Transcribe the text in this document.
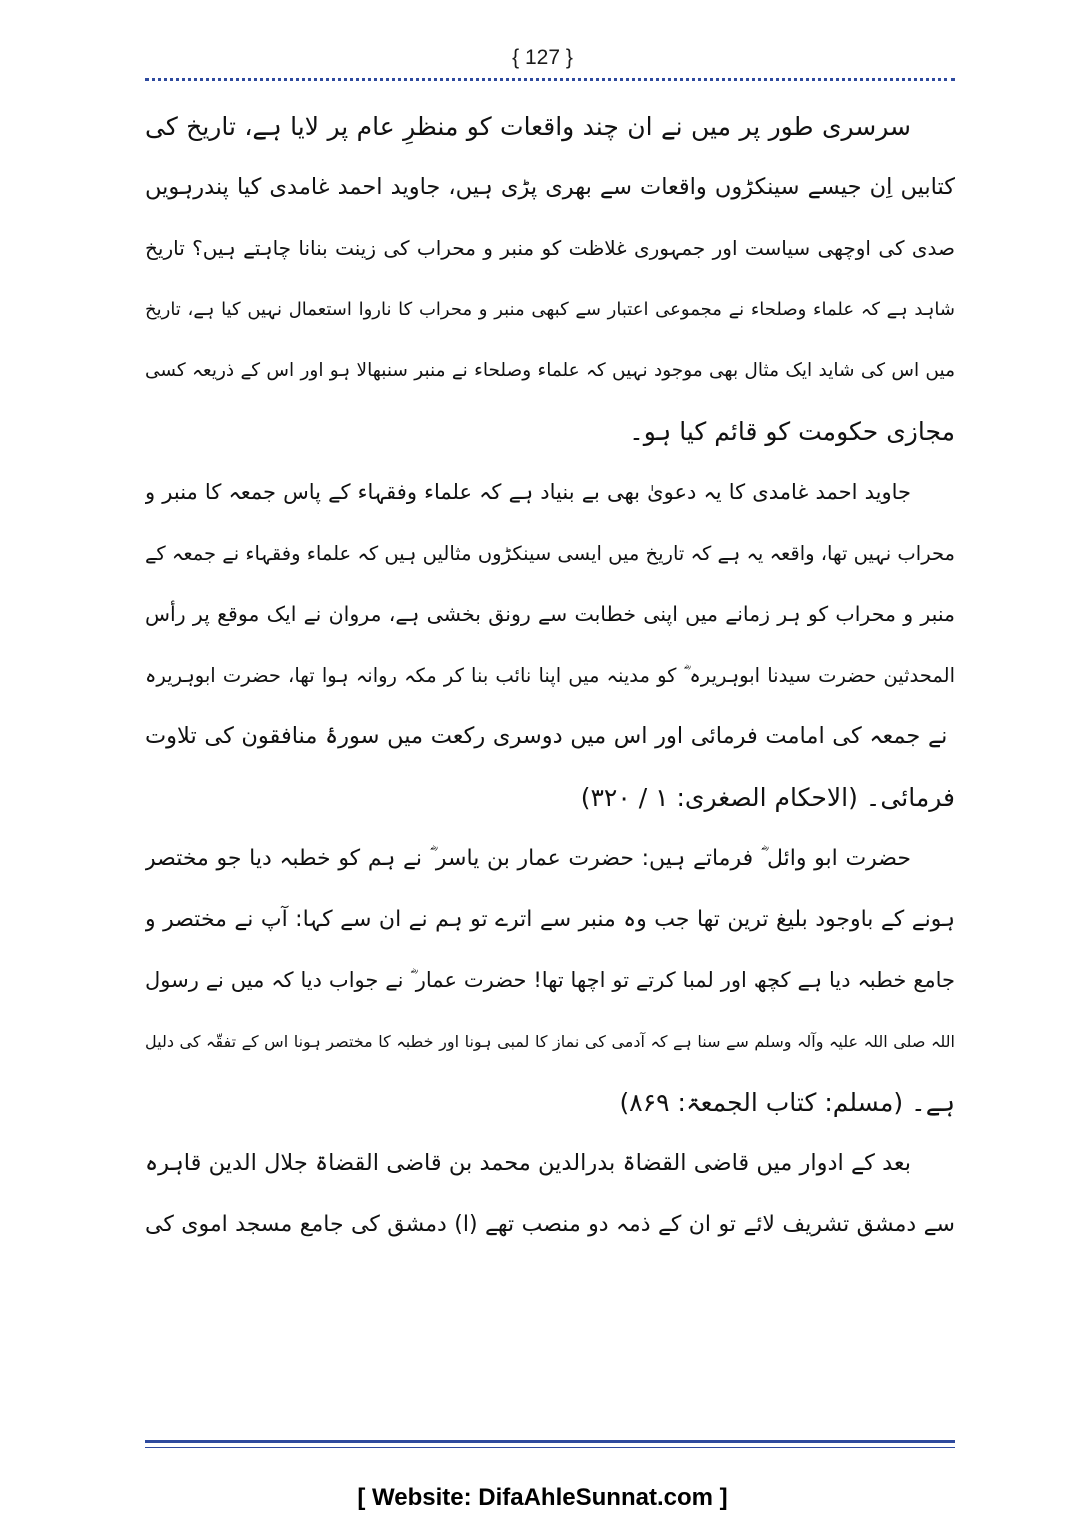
{ 127 }
سرسری طور پر میں نے ان چند واقعات کو منظرِ عام پر لایا ہے، تاریخ کی
کتابیں اِن جیسے سینکڑوں واقعات سے بھری پڑی ہیں، جاوید احمد غامدی کیا پندرہویں
صدی کی اوچھی سیاست اور جمہوری غلاظت کو منبر و محراب کی زینت بنانا چاہتے ہیں؟ تاریخ
شاہد ہے کہ علماء وصلحاء نے مجموعی اعتبار سے کبھی منبر و محراب کا ناروا استعمال نہیں کیا ہے، تاریخ
میں اس کی شاید ایک مثال بھی موجود نہیں کہ علماء وصلحاء نے منبر سنبھالا ہو اور اس کے ذریعہ کسی
مجازی حکومت کو قائم کیا ہو۔
جاوید احمد غامدی کا یہ دعویٰ بھی بے بنیاد ہے کہ علماء وفقہاء کے پاس جمعہ کا منبر و
محراب نہیں تھا، واقعہ یہ ہے کہ تاریخ میں ایسی سینکڑوں مثالیں ہیں کہ علماء وفقہاء نے جمعہ کے
منبر و محراب کو ہر زمانے میں اپنی خطابت سے رونق بخشی ہے، مروان نے ایک موقع پر رأس
المحدثین حضرت سیدنا ابوہریرہ ؓ کو مدینہ میں اپنا نائب بنا کر مکہ روانہ ہوا تھا، حضرت ابوہریرہ
ؓ نے جمعہ کی امامت فرمائی اور اس میں دوسری رکعت میں سورۂ منافقون کی تلاوت
فرمائی۔ (الاحکام الصغری: ۱ / ۳۲۰)
حضرت ابو وائل ؓ فرماتے ہیں: حضرت عمار بن یاسر ؓ نے ہم کو خطبہ دیا جو مختصر
ہونے کے باوجود بلیغ ترین تھا جب وہ منبر سے اترے تو ہم نے ان سے کہا: آپ نے مختصر و
جامع خطبہ دیا ہے کچھ اور لمبا کرتے تو اچھا تھا! حضرت عمار ؓ نے جواب دیا کہ میں نے رسول
اللہ صلی اللہ علیہ وآلہ وسلم سے سنا ہے کہ آدمی کی نماز کا لمبی ہونا اور خطبہ کا مختصر ہونا اس کے تفقّہ کی دلیل
ہے۔ (مسلم: کتاب الجمعۃ: ۸۶۹)
بعد کے ادوار میں قاضی القضاۃ بدرالدین محمد بن قاضی القضاۃ جلال الدین قاہرہ
سے دمشق تشریف لائے تو ان کے ذمہ دو منصب تھے (ا) دمشق کی جامع مسجد اموی کی
[ Website: DifaAhleSunnat.com ]
